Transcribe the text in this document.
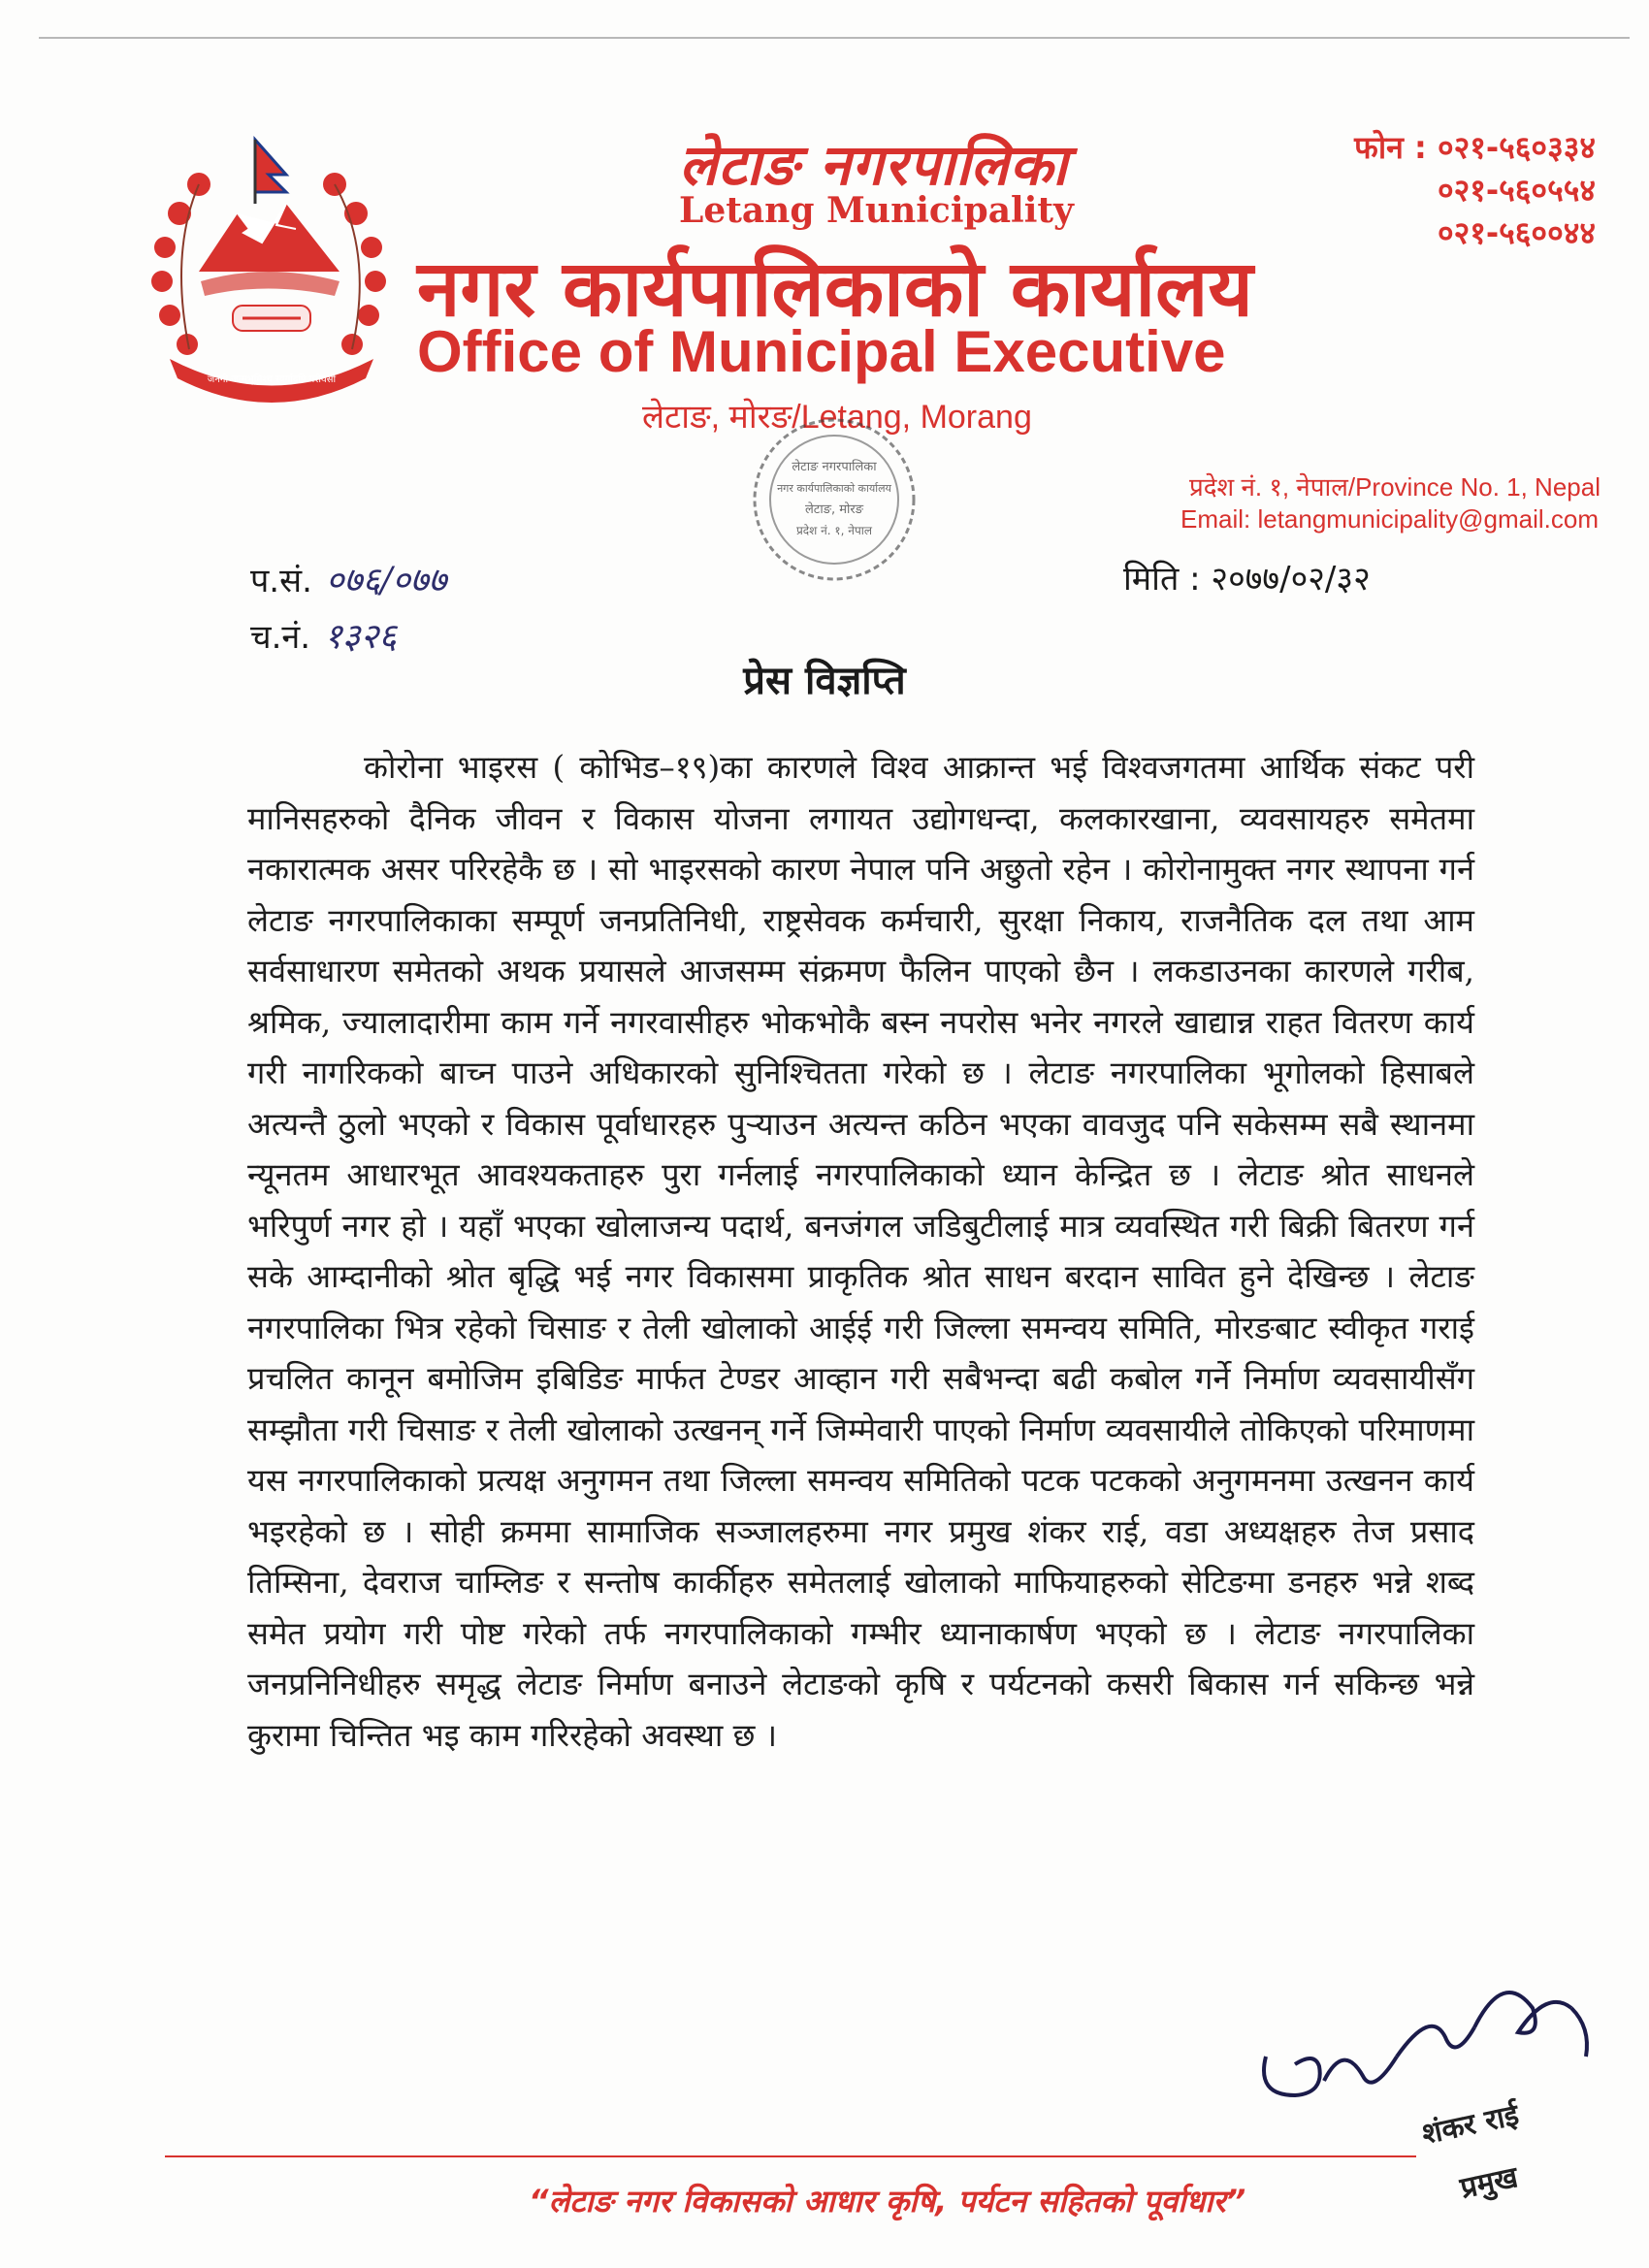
जननी जन्मभूमिश्च स्वर्गादपि गरीयसी
लेटाङ नगरपालिका
Letang Municipality
नगर कार्यपालिकाको कार्यालय
Office of Municipal Executive
लेटाङ, मोरङ/Letang, Morang
फोन : ०२१-५६०३३४
०२१-५६०५५४
०२१-५६००४४
प्रदेश नं. १, नेपाल/Province No. 1, Nepal
Email: letangmunicipality@gmail.com
लेटाङ नगरपालिका
नगर कार्यपालिकाको कार्यालय
लेटाङ, मोरङ
प्रदेश नं. १, नेपाल
प.सं. ०७६/०७७
च.नं. १३२६
मिति : २०७७/०२/३२
प्रेस विज्ञप्ति
कोरोना भाइरस ( कोभिड–१९)का कारणले विश्व आक्रान्त भई विश्वजगतमा आर्थिक संकट परी मानिसहरुको दैनिक जीवन र विकास योजना लगायत उद्योगधन्दा, कलकारखाना, व्यवसायहरु समेतमा नकारात्मक असर परिरहेकै छ । सो भाइरसको कारण नेपाल पनि अछुतो रहेन । कोरोनामुक्त नगर स्थापना गर्न लेटाङ नगरपालिकाका सम्पूर्ण जनप्रतिनिधी, राष्ट्रसेवक कर्मचारी, सुरक्षा निकाय, राजनैतिक दल तथा आम सर्वसाधारण समेतको अथक प्रयासले आजसम्म संक्रमण फैलिन पाएको छैन । लकडाउनका कारणले गरीब, श्रमिक, ज्यालादारीमा काम गर्ने नगरवासीहरु भोकभोकै बस्न नपरोस भनेर नगरले खाद्यान्न राहत वितरण कार्य गरी नागरिकको बाच्न पाउने अधिकारको सुनिश्चितता गरेको छ । लेटाङ नगरपालिका भूगोलको हिसाबले अत्यन्तै ठुलो भएको र विकास पूर्वाधारहरु पुऱ्याउन अत्यन्त कठिन भएका वावजुद पनि सकेसम्म सबै स्थानमा न्यूनतम आधारभूत आवश्यकताहरु पुरा गर्नलाई नगरपालिकाको ध्यान केन्द्रित छ । लेटाङ श्रोत साधनले भरिपुर्ण नगर हो । यहाँ भएका खोलाजन्य पदार्थ, बनजंगल जडिबुटीलाई मात्र व्यवस्थित गरी बिक्री बितरण गर्न सके आम्दानीको श्रोत बृद्धि भई नगर विकासमा प्राकृतिक श्रोत साधन बरदान सावित हुने देखिन्छ । लेटाङ नगरपालिका भित्र रहेको चिसाङ र तेली खोलाको आईई गरी जिल्ला समन्वय समिति, मोरङबाट स्वीकृत गराई प्रचलित कानून बमोजिम इबिडिङ मार्फत टेण्डर आव्हान गरी सबैभन्दा बढी कबोल गर्ने निर्माण व्यवसायीसँग सम्झौता गरी चिसाङ र तेली खोलाको उत्खनन् गर्ने जिम्मेवारी पाएको निर्माण व्यवसायीले तोकिएको परिमाणमा यस नगरपालिकाको प्रत्यक्ष अनुगमन तथा जिल्ला समन्वय समितिको पटक पटकको अनुगमनमा उत्खनन कार्य भइरहेको छ । सोही क्रममा सामाजिक सञ्जालहरुमा नगर प्रमुख शंकर राई, वडा अध्यक्षहरु तेज प्रसाद तिम्सिना, देवराज चाम्लिङ र सन्तोष कार्कीहरु समेतलाई खोलाको माफियाहरुको सेटिङमा डनहरु भन्ने शब्द समेत प्रयोग गरी पोष्ट गरेको तर्फ नगरपालिकाको गम्भीर ध्यानाकार्षण भएको छ । लेटाङ नगरपालिका जनप्रनिनिधीहरु समृद्ध लेटाङ निर्माण बनाउने लेटाङको कृषि र पर्यटनको कसरी बिकास गर्न सकिन्छ भन्ने कुरामा चिन्तित भइ काम गरिरहेको अवस्था छ ।
शंकर राई
प्रमुख
“लेटाङ नगर विकासको आधार कृषि, पर्यटन सहितको पूर्वाधार”
